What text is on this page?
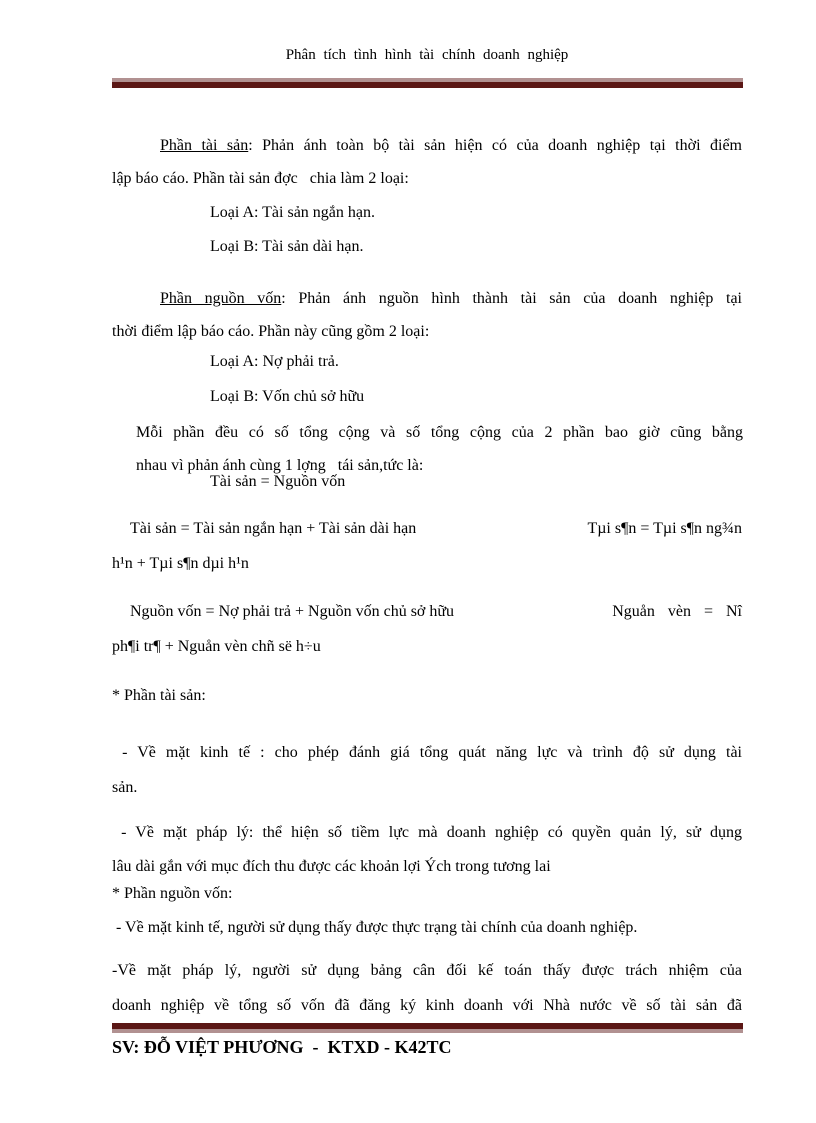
Phân tích tình hình tài chính doanh nghiệp
Phần tài sản: Phản ánh toàn bộ tài sản hiện có của doanh nghiệp tại thời điểm
lập báo cáo. Phần tài sản đợc   chia làm 2 loại:
Loại A: Tài sản ngắn hạn.
Loại B: Tài sản dài hạn.
Phần nguồn vốn: Phản ánh nguồn hình thành tài sản của doanh nghiệp tại
thời điểm lập báo cáo. Phần này cũng gồm 2 loại:
Loại A: Nợ phải trả.
Loại B: Vốn chủ sở hữu
Mỗi phần đều có số tổng cộng và số tổng cộng của 2 phần bao giờ cũng bằng
nhau vì phản ánh cùng 1 lợng   tái sản,tức là:
Tài sản = Nguồn vốn
Tài sản = Tài sản ngắn hạn + Tài sản dài hạn	Tµi s¶n = Tµi s¶n ng¾n
h¹n + Tµi s¶n dµi h¹n
Nguồn vốn = Nợ phải trả + Nguồn vốn chủ sở hữu	Nguån vèn = Nî
ph¶i tr¶ + Nguån vèn chñ së h÷u
* Phần tài sản:
- Về mặt kinh tế : cho phép đánh giá tổng quát năng lực và trình độ sử dụng tài
sản.
- Về mặt pháp lý: thể hiện số tiềm lực mà doanh nghiệp có quyền quản lý, sử dụng
lâu dài gắn với mục đích thu được các khoản lợi Ých trong tương lai
* Phần nguồn vốn:
- Về mặt kinh tế, người sử dụng thấy được thực trạng tài chính của doanh nghiệp.
-Về mặt pháp lý, người sử dụng bảng cân đối kế toán thấy được trách nhiệm của
doanh nghiệp về tổng số vốn đã đăng ký kinh doanh với Nhà nước về số tài sản đã
SV: ĐỖ VIỆT PHƯƠNG  -  KTXD - K42TC
